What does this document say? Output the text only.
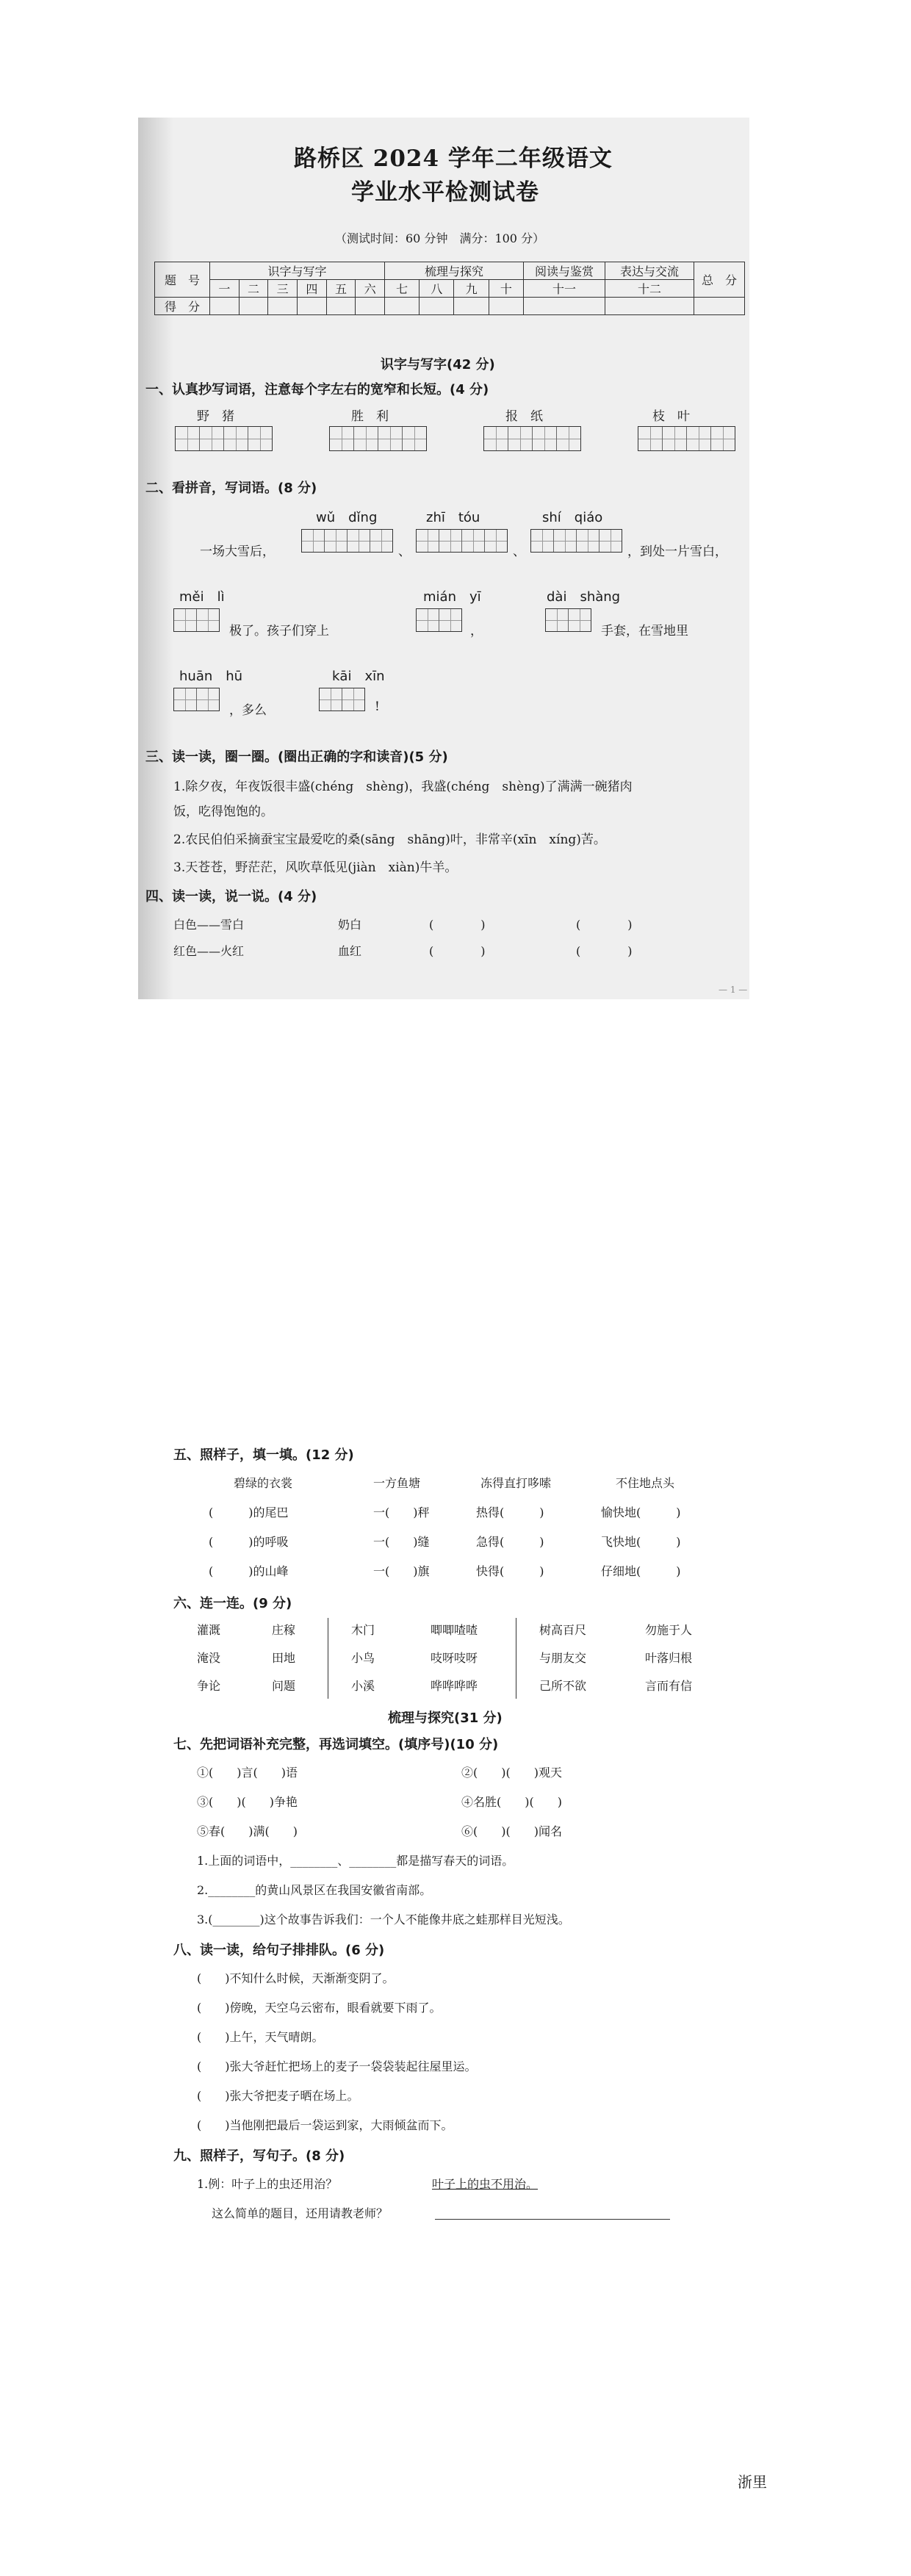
路桥区 2024 学年二年级语文
学业水平检测试卷
（测试时间：60 分钟　满分：100 分）
题　号	识字与写字						梳理与探究				阅读与鉴赏	表达与交流	总　分
	一	二	三	四	五	六	七	八	九	十	十一	十二	
得　分													
识字与写字(42 分)
一、认真抄写词语，注意每个字左右的宽窄和长短。(4 分)
野　猪	胜　利	报　纸	枝　叶
二、看拼音，写词语。(8 分)
wǔ　dǐng	zhī　tóu	shí　qiáo
一场大雪后，	、	、	，到处一片雪白，
měi　lì	mián　yī	dài　shàng
极了。孩子们穿上	，	手套，在雪地里
huān　hū	kāi　xīn
，多么	!
三、读一读，圈一圈。(圈出正确的字和读音)(5 分)
1.除夕夜，年夜饭很丰盛(chéng　shèng)，我盛(chéng　shèng)了满满一碗猪肉
饭，吃得饱饱的。
2.农民伯伯采摘蚕宝宝最爱吃的桑(sāng　shāng)叶，非常辛(xīn　xíng)苦。
3.天苍苍，野茫茫，风吹草低见(jiàn　xiàn)牛羊。
四、读一读，说一说。(4 分)
白色——雪白	奶白	(　　　　)	(　　　　)
红色——火红	血红	(　　　　)	(　　　　)
— 1 —
五、照样子，填一填。(12 分)
碧绿的衣裳	一方鱼塘	冻得直打哆嗦	不住地点头
(　　　)的尾巴	一(　　)秤	热得(　　　)	愉快地(　　　)
(　　　)的呼吸	一(　　)缝	急得(　　　)	飞快地(　　　)
(　　　)的山峰	一(　　)旗	快得(　　　)	仔细地(　　　)
六、连一连。(9 分)
灌溉	庄稼	木门	唧唧喳喳	树高百尺	勿施于人
淹没	田地	小鸟	吱呀吱呀	与朋友交	叶落归根
争论	问题	小溪	哗哗哗哗	己所不欲	言而有信
梳理与探究(31 分)
七、先把词语补充完整，再选词填空。(填序号)(10 分)
①(　　)言(　　)语	②(　　)(　　)观天
③(　　)(　　)争艳	④名胜(　　)(　　)
⑤春(　　)满(　　)	⑥(　　)(　　)闻名
1.上面的词语中，________、________都是描写春天的词语。
2.________的黄山风景区在我国安徽省南部。
3.(________)这个故事告诉我们：一个人不能像井底之蛙那样目光短浅。
八、读一读，给句子排排队。(6 分)
(　　)不知什么时候，天渐渐变阴了。
(　　)傍晚，天空乌云密布，眼看就要下雨了。
(　　)上午，天气晴朗。
(　　)张大爷赶忙把场上的麦子一袋袋装起往屋里运。
(　　)张大爷把麦子晒在场上。
(　　)当他刚把最后一袋运到家，大雨倾盆而下。
九、照样子，写句子。(8 分)
1.例：叶子上的虫还用治？	叶子上的虫不用治。
这么简单的题目，还用请教老师？
浙里
